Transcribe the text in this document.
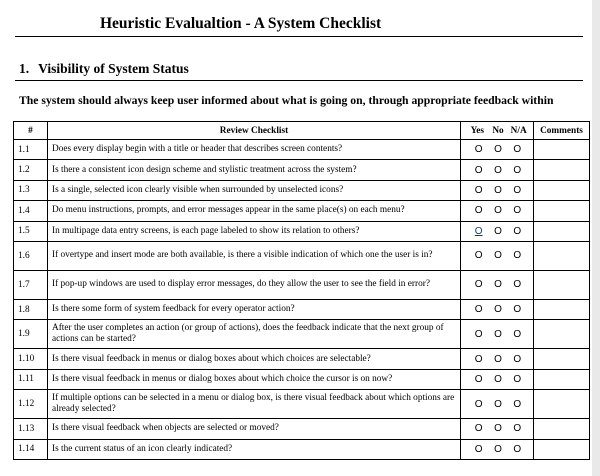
Heuristic Evalualtion - A System Checklist
1. Visibility of System Status
The system should always keep user informed about what is going on, through appropriate feedback within
#	Review Checklist	Yes No N/A	Comments
1.1	Does every display begin with a title or header that describes screen contents?	O O O	

1.2	Is there a consistent icon design scheme and stylistic treatment across the system?	O O O	

1.3	Is a single, selected icon clearly visible when surrounded by unselected icons?	O O O	

1.4	Do menu instructions, prompts, and error messages appear in the same place(s) on each menu?	O O O	

1.5	In multipage data entry screens, is each page labeled to show its relation to others?	O O O	

1.6	If overtype and insert mode are both available, is there a visible indication of which one the user is in?	O O O	

1.7	If pop-up windows are used to display error messages, do they allow the user to see the field in error?	O O O	

1.8	Is there some form of system feedback for every operator action?	O O O	

1.9	After the user completes an action (or group of actions), does the feedback indicate that the next group of actions can be started?	O O O	

1.10	Is there visual feedback in menus or dialog boxes about which choices are selectable?	O O O	

1.11	Is there visual feedback in menus or dialog boxes about which choice the cursor is on now?	O O O	

1.12	If multiple options can be selected in a menu or dialog box, is there visual feedback about which options are already selected?	O O O	

1.13	Is there visual feedback when objects are selected or moved?	O O O	

1.14	Is the current status of an icon clearly indicated?	O O O	
